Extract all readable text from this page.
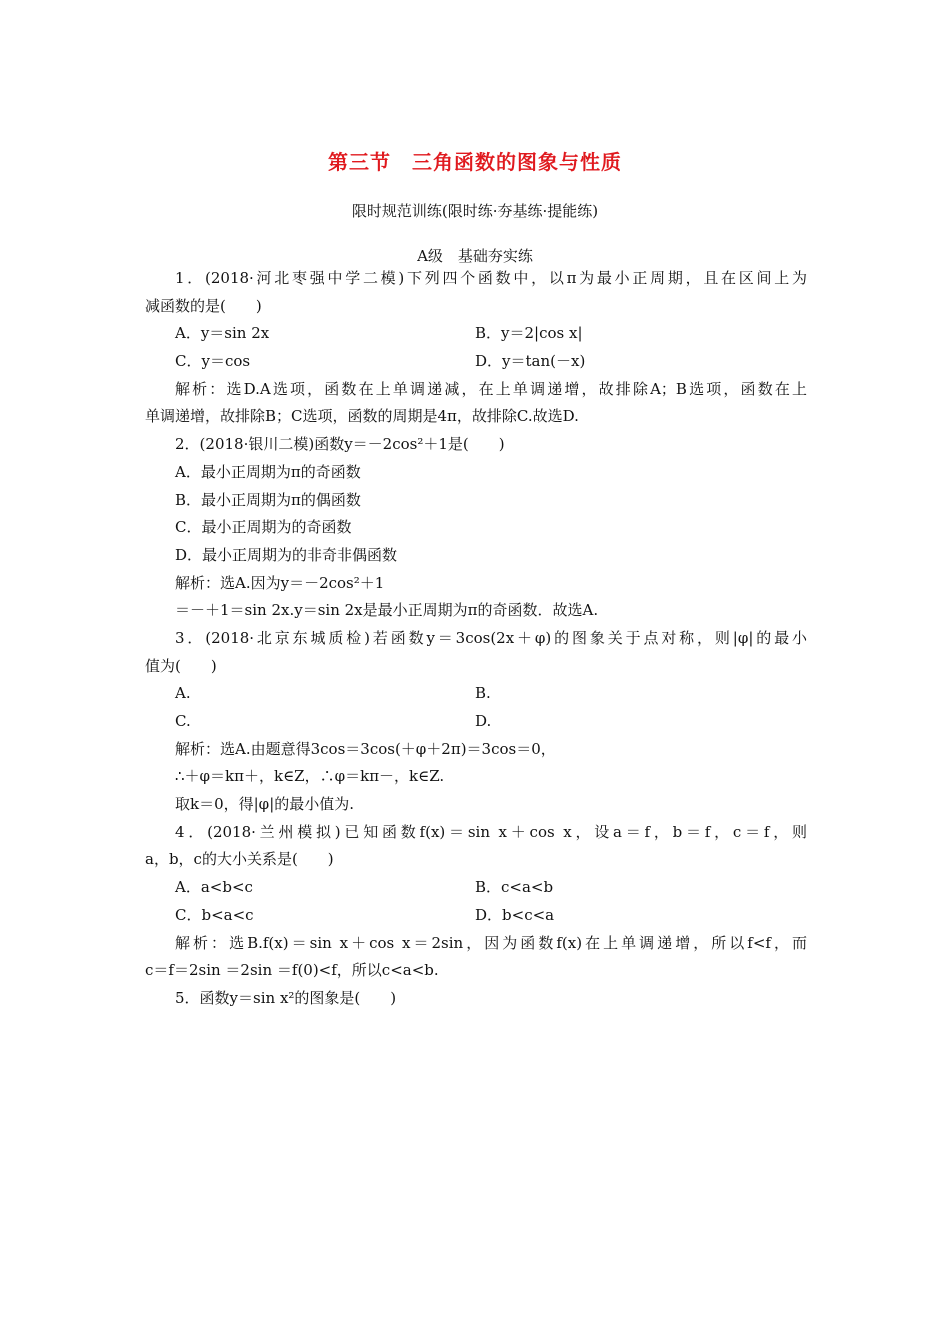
第三节　三角函数的图象与性质
限时规范训练(限时练·夯基练·提能练)
A级　基础夯实练
1．(2018·河北枣强中学二模)下列四个函数中，以π为最小正周期，且在区间上为
减函数的是(　　)
A．y＝sin 2x	B．y＝2|cos x|
C．y＝cos	D．y＝tan(－x)
解析：选D.A选项，函数在上单调递减，在上单调递增，故排除A；B选项，函数在上
单调递增，故排除B；C选项，函数的周期是4π，故排除C.故选D.
2．(2018·银川二模)函数y＝－2cos²＋1是(　　)
A．最小正周期为π的奇函数
B．最小正周期为π的偶函数
C．最小正周期为的奇函数
D．最小正周期为的非奇非偶函数
解析：选A.因为y＝－2cos²＋1
＝－＋1＝sin 2x.y＝sin 2x是最小正周期为π的奇函数．故选A.
3．(2018·北京东城质检)若函数y＝3cos(2x＋φ)的图象关于点对称，则|φ|的最小
值为(　　)
A.	B.
C.	D.
解析：选A.由题意得3cos＝3cos(＋φ＋2π)＝3cos＝0，
∴＋φ＝kπ＋，k∈Z，∴φ＝kπ－，k∈Z.
取k＝0，得|φ|的最小值为.
4．(2018·兰州模拟)已知函数f(x)＝sin x＋cos x，设a＝f，b＝f，c＝f，则
a，b，c的大小关系是(　　)
A．a<b<c	B．c<a<b
C．b<a<c	D．b<c<a
解析：选B.f(x)＝sin x＋cos x＝2sin，因为函数f(x)在上单调递增，所以f<f，而
c＝f＝2sin ＝2sin ＝f(0)<f，所以c<a<b.
5．函数y＝sin x²的图象是(　　)
